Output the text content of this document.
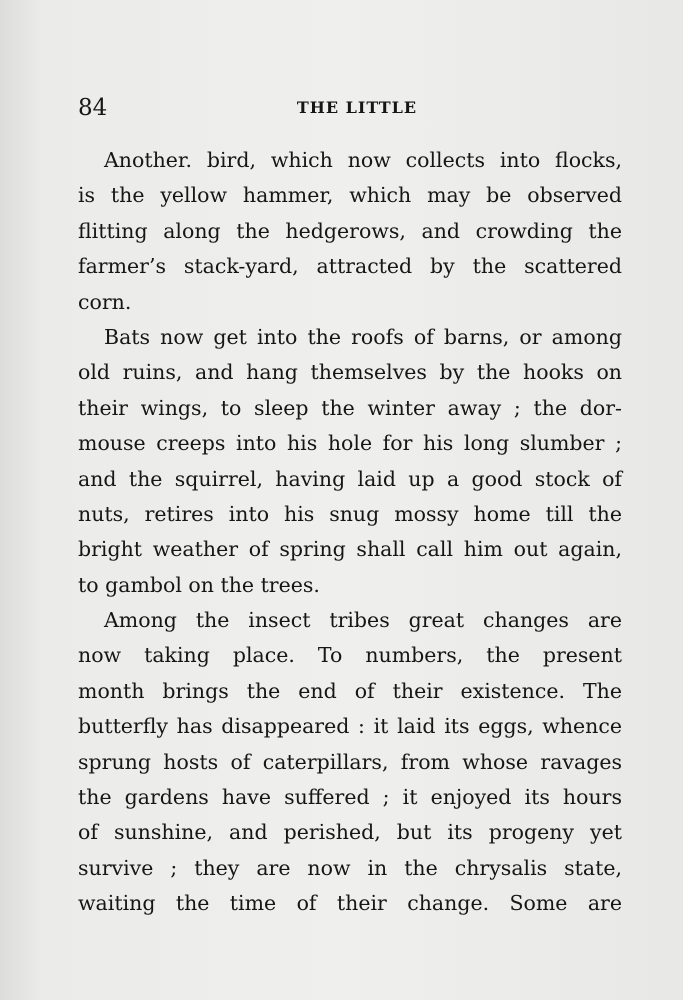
84	THE LITTLE

Another. bird, which now collects into flocks,
is the yellow hammer, which may be observed
flitting along the hedgerows, and crowding the
farmer’s stack-yard, attracted by the scattered
corn.

Bats now get into the roofs of barns, or among
old ruins, and hang themselves by the hooks on
their wings, to sleep the winter away ; the dor-
mouse creeps into his hole for his long slumber ;
and the squirrel, having laid up a good stock of
nuts, retires into his snug mossy home till the
bright weather of spring shall call him out again,
to gambol on the trees.

Among the insect tribes great changes are
now taking place. To numbers, the present
month brings the end of their existence. The
butterfly has disappeared : it laid its eggs, whence
sprung hosts of caterpillars, from whose ravages
the gardens have suffered ; it enjoyed its hours
of sunshine, and perished, but its progeny yet
survive ; they are now in the chrysalis state,
waiting the time of their change. Some are
